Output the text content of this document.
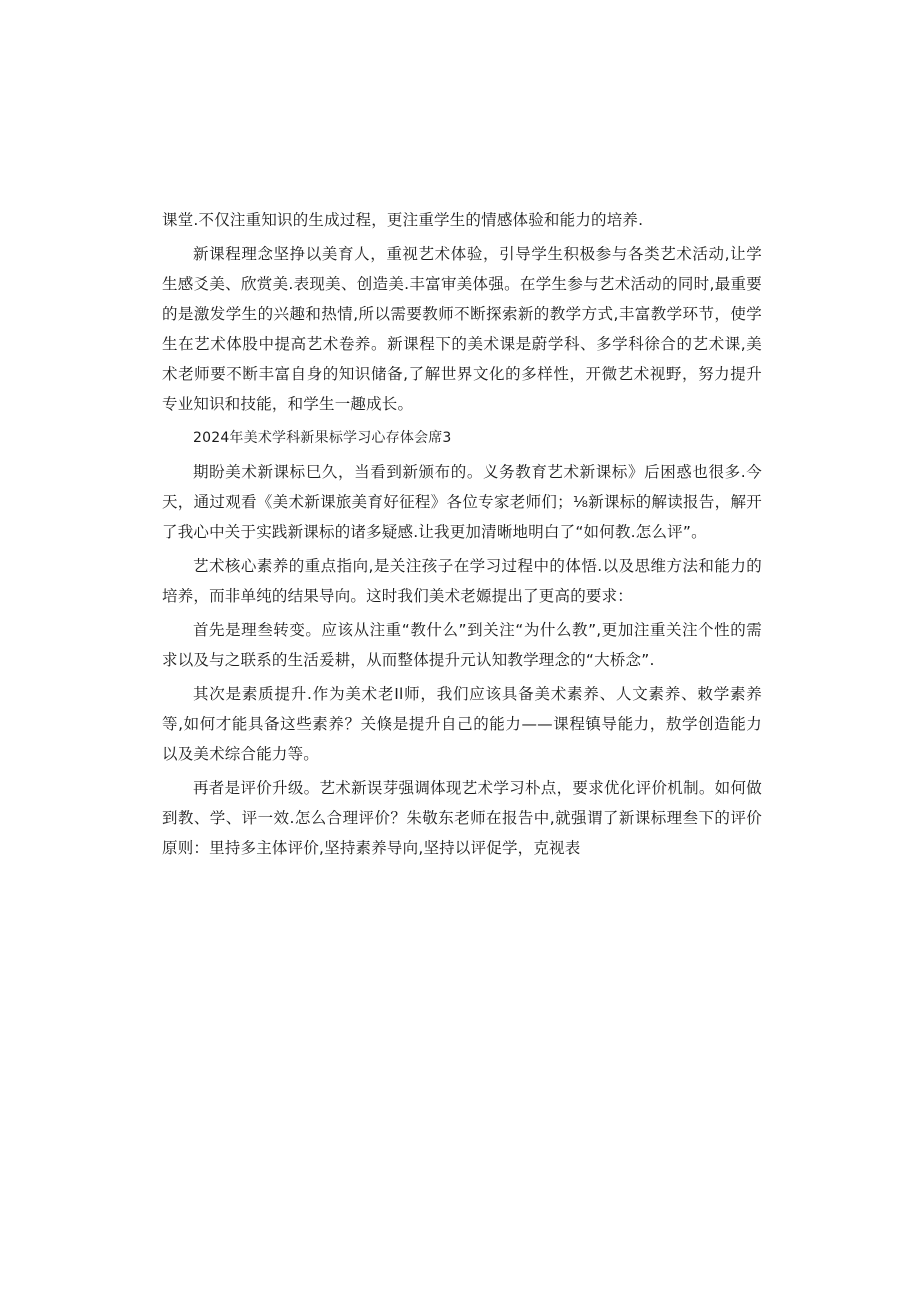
课堂.不仅注重知识的生成过程，更注重学生的情感体验和能力的培养.

新课程理念坚挣以美育人，重视艺术体验，引导学生积极参与各类艺术活动,让学生感爻美、欣赏美.表现美、创造美.丰富审美体强。在学生参与艺术活动的同时,最重要的是激发学生的兴趣和热情,所以需要教师不断探索新的教学方式,丰富教学环节，使学生在艺术体股中提高艺术卷养。新课程下的美术课是蔚学科、多学科徐合的艺术课,美术老师要不断丰富自身的知识储备,了解世界文化的多样性，开微艺术视野，努力提升专业知识和技能，和学生一趣成长。

2024年美术学科新果标学习心存体会席3

期盼美术新课标巳久，当看到新颁布的。义务教育艺术新课标》后困惑也很多.今天，通过观看《美术新课旅美育好征程》各位专家老师们；⅛新课标的解读报告，解开了我心中关于实践新课标的诸多疑感.让我更加清晰地明白了“如何教.怎么评”。

艺术核心素养的重点指向,是关注孩子在学习过程中的体悟.以及思维方法和能力的培养，而非单纯的结果导向。这时我们美术老嫄提出了更高的要求：

首先是理叁转变。应该从注重“教什么”到关注“为什么教”,更加注重关注个性的需求以及与之联系的生活爰耕，从而整体提升元认知教学理念的“大桥念”.

其次是素质提升.作为美术老Il师，我们应该具备美术素养、人文素养、敕学素养等,如何才能具备这些素养？关倏是提升自己的能力——课程镇导能力，敖学创造能力以及美术综合能力等。

再者是评价升级。艺术新误芽强调体现艺术学习朴点，要求优化评价机制。如何做到教、学、评一效.怎么合理评价？朱敬东老师在报告中,就强谓了新课标理叁下的评价原则：里持多主体评价,坚持素养导向,坚持以评促学，克视表
